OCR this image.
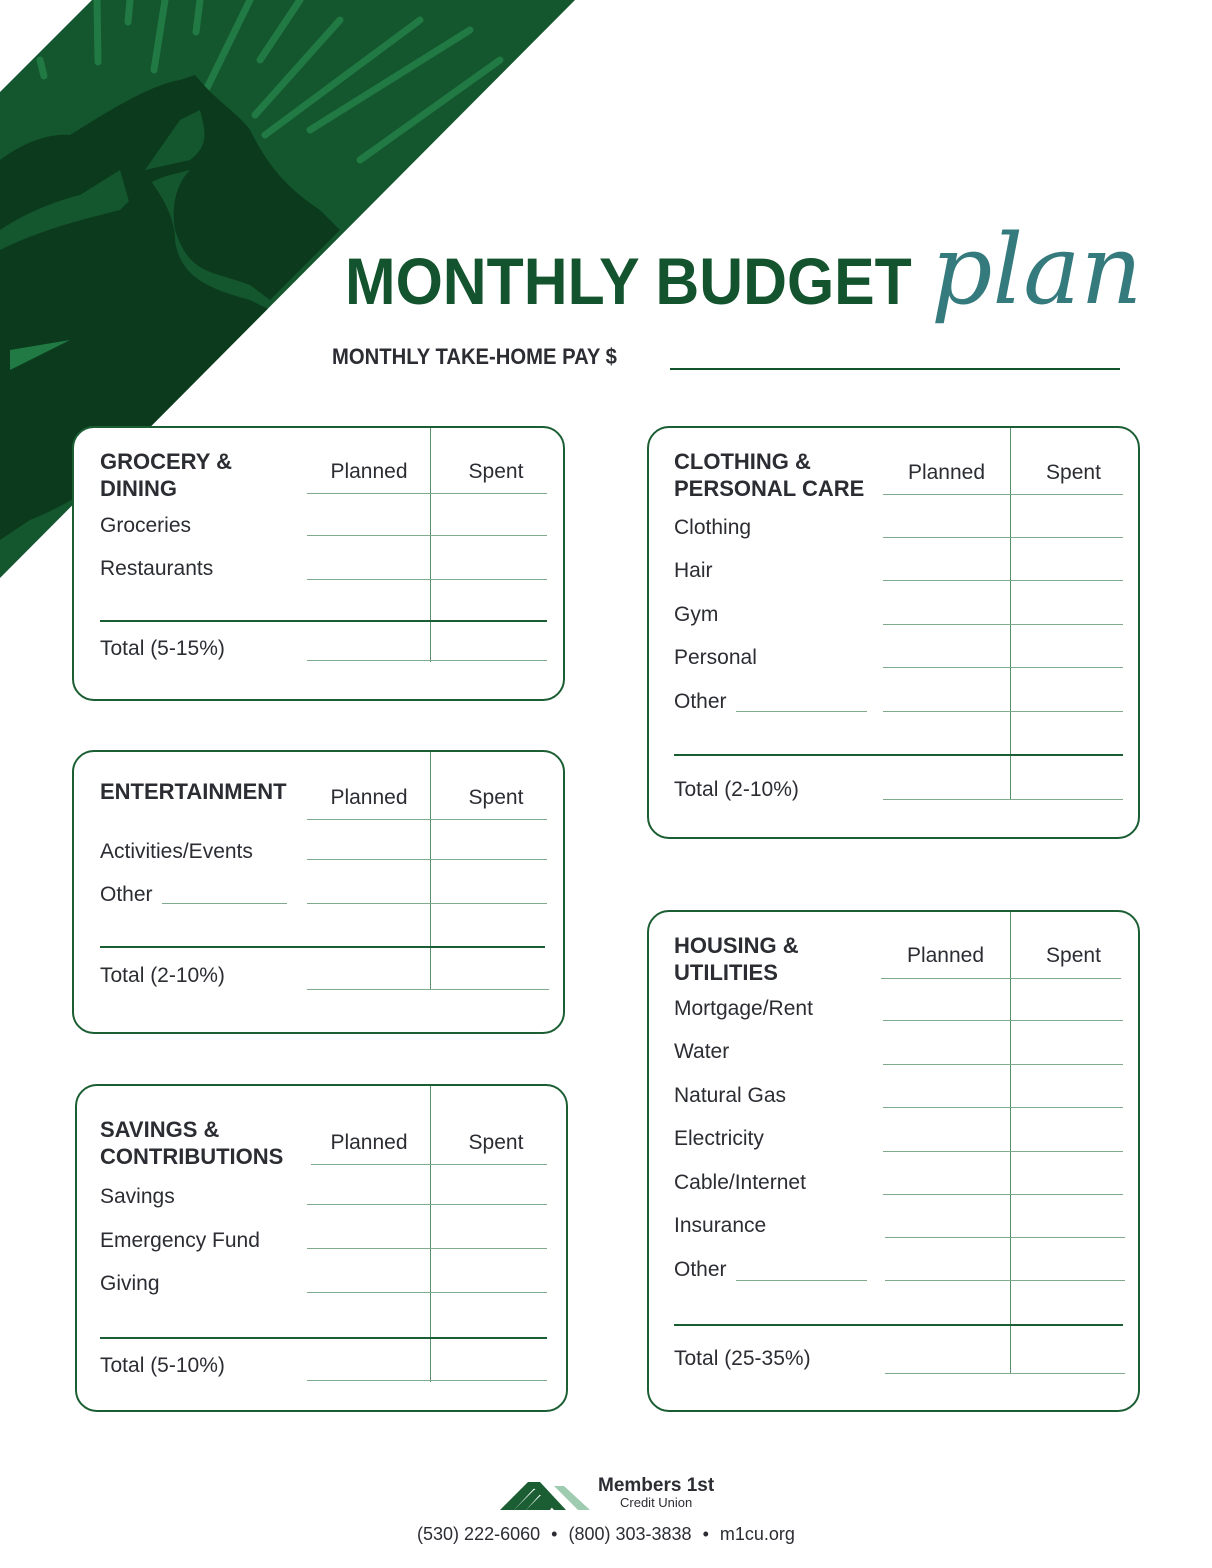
MONTHLY BUDGET plan
MONTHLY TAKE-HOME PAY $
GROCERY &
DINING
Planned	Spent
Groceries
Restaurants
Total (5-15%)
ENTERTAINMENT	Planned	Spent
Activities/Events
Other
Total (2-10%)
SAVINGS &
CONTRIBUTIONS
Planned	Spent
Savings
Emergency Fund
Giving
Total (5-10%)
CLOTHING &
PERSONAL CARE
Planned	Spent
Clothing
Hair
Gym
Personal
Other
Total (2-10%)
HOUSING &
UTILITIES
Planned	Spent
Mortgage/Rent
Water
Natural Gas
Electricity
Cable/Internet
Insurance
Other
Total (25-35%)
Members 1st
Credit Union
(530) 222-6060 • (800) 303-3838 • m1cu.org
